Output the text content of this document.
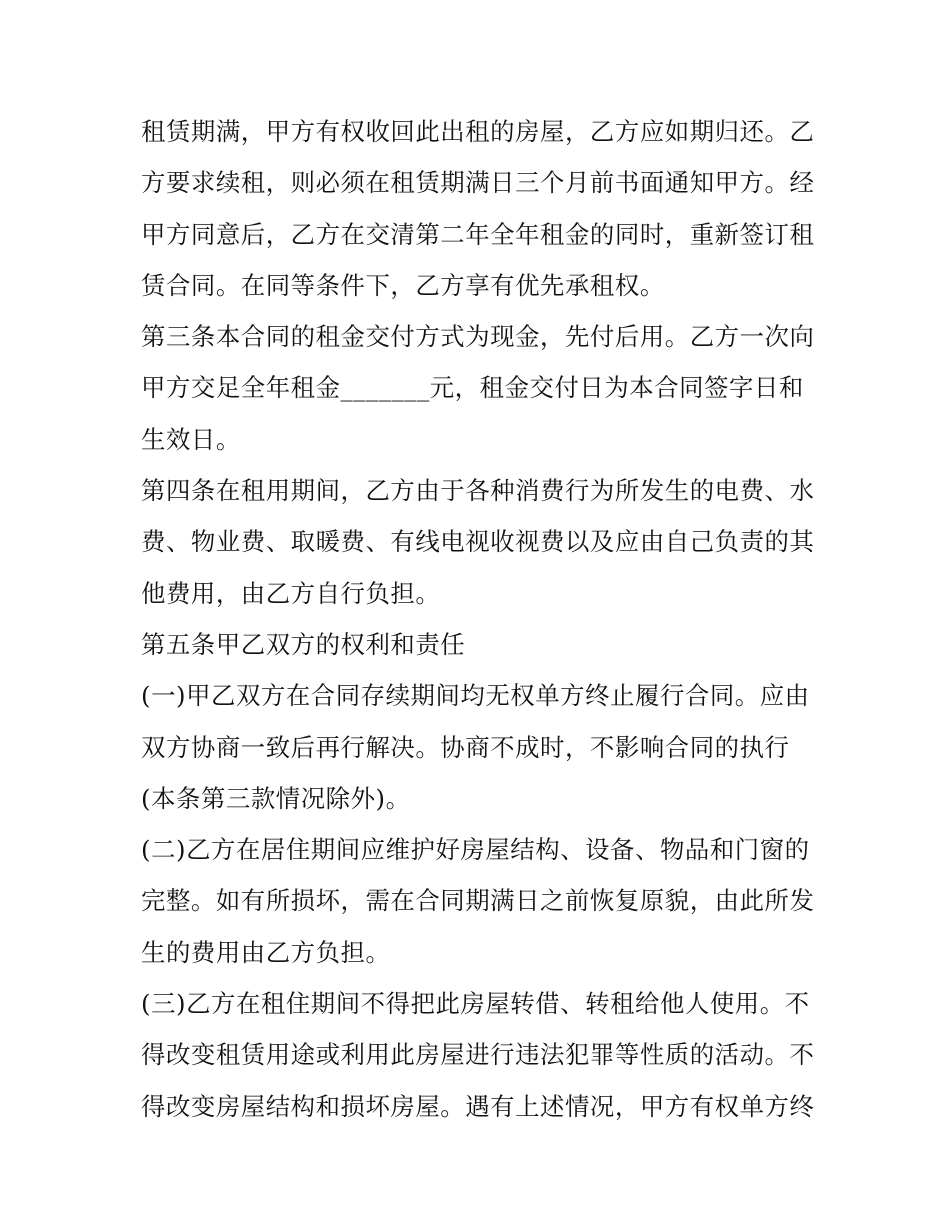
租赁期满，甲方有权收回此出租的房屋，乙方应如期归还。乙
方要求续租，则必须在租赁期满日三个月前书面通知甲方。经
甲方同意后，乙方在交清第二年全年租金的同时，重新签订租
赁合同。在同等条件下，乙方享有优先承租权。
第三条本合同的租金交付方式为现金，先付后用。乙方一次向
甲方交足全年租金_______元，租金交付日为本合同签字日和
生效日。
第四条在租用期间，乙方由于各种消费行为所发生的电费、水
费、物业费、取暖费、有线电视收视费以及应由自己负责的其
他费用，由乙方自行负担。
第五条甲乙双方的权利和责任
(一)甲乙双方在合同存续期间均无权单方终止履行合同。应由
双方协商一致后再行解决。协商不成时，不影响合同的执行
(本条第三款情况除外)。
(二)乙方在居住期间应维护好房屋结构、设备、物品和门窗的
完整。如有所损坏，需在合同期满日之前恢复原貌，由此所发
生的费用由乙方负担。
(三)乙方在租住期间不得把此房屋转借、转租给他人使用。不
得改变租赁用途或利用此房屋进行违法犯罪等性质的活动。不
得改变房屋结构和损坏房屋。遇有上述情况，甲方有权单方终
